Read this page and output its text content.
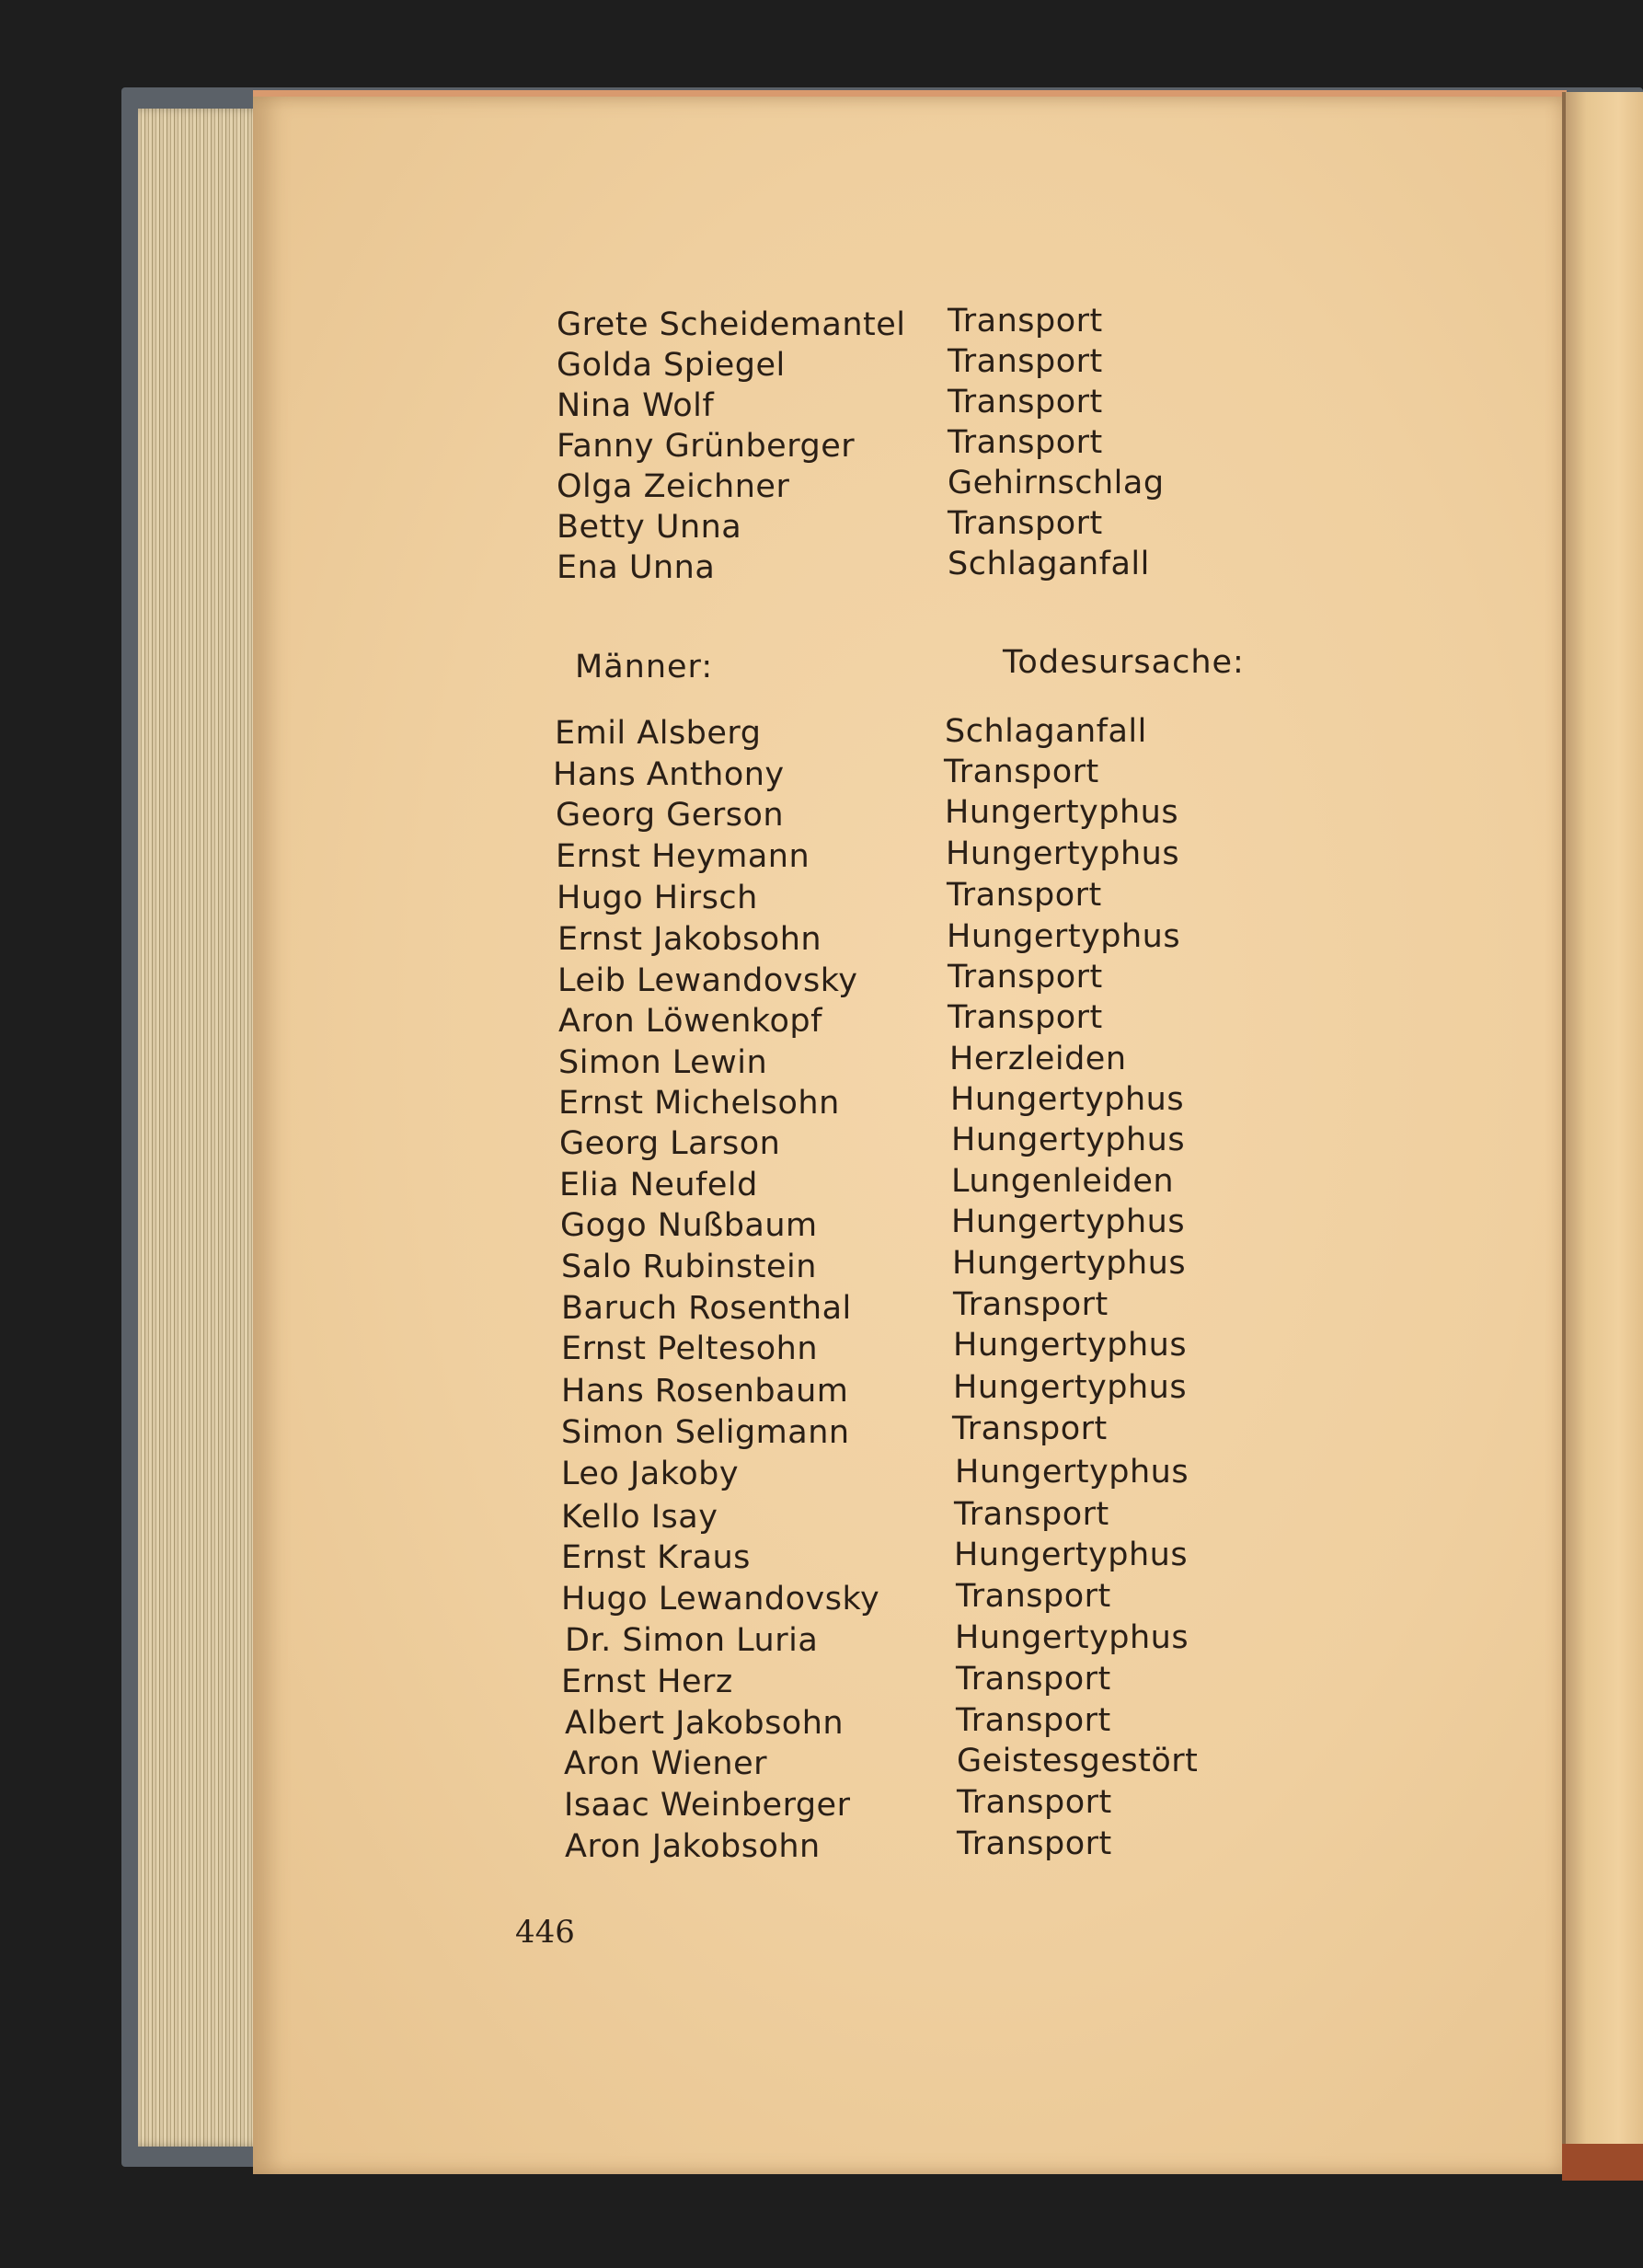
Grete Scheidemantel Transport
Golda Spiegel	Transport
Nina Wolf	Transport
Fanny Grünberger	Transport
Olga Zeichner	Gehirnschlag
Betty Unna	Transport
Ena Unna	Schlaganfall
Männer:	Todesursache:
Emil Alsberg	Schlaganfall
Hans Anthony	Transport
Georg Gerson	Hungertyphus
Ernst Heymann	Hungertyphus
Hugo Hirsch	Transport
Ernst Jakobsohn	Hungertyphus
Leib Lewandovsky	Transport
Aron Löwenkopf	Transport
Simon Lewin	Herzleiden
Ernst Michelsohn	Hungertyphus
Georg Larson	Hungertyphus
Elia Neufeld	Lungenleiden
Gogo Nußbaum	Hungertyphus
Salo Rubinstein	Hungertyphus
Baruch Rosenthal	Transport
Ernst Peltesohn	Hungertyphus
Hans Rosenbaum	Hungertyphus
Simon Seligmann	Transport
Leo Jakoby	Hungertyphus
Kello Isay	Transport
Ernst Kraus	Hungertyphus
Hugo Lewandovsky Transport
Dr. Simon Luria	Hungertyphus
Ernst Herz	Transport
Albert Jakobsohn	Transport
Aron Wiener	Geistesgestört
Isaac Weinberger	Transport
Aron Jakobsohn	Transport
446
